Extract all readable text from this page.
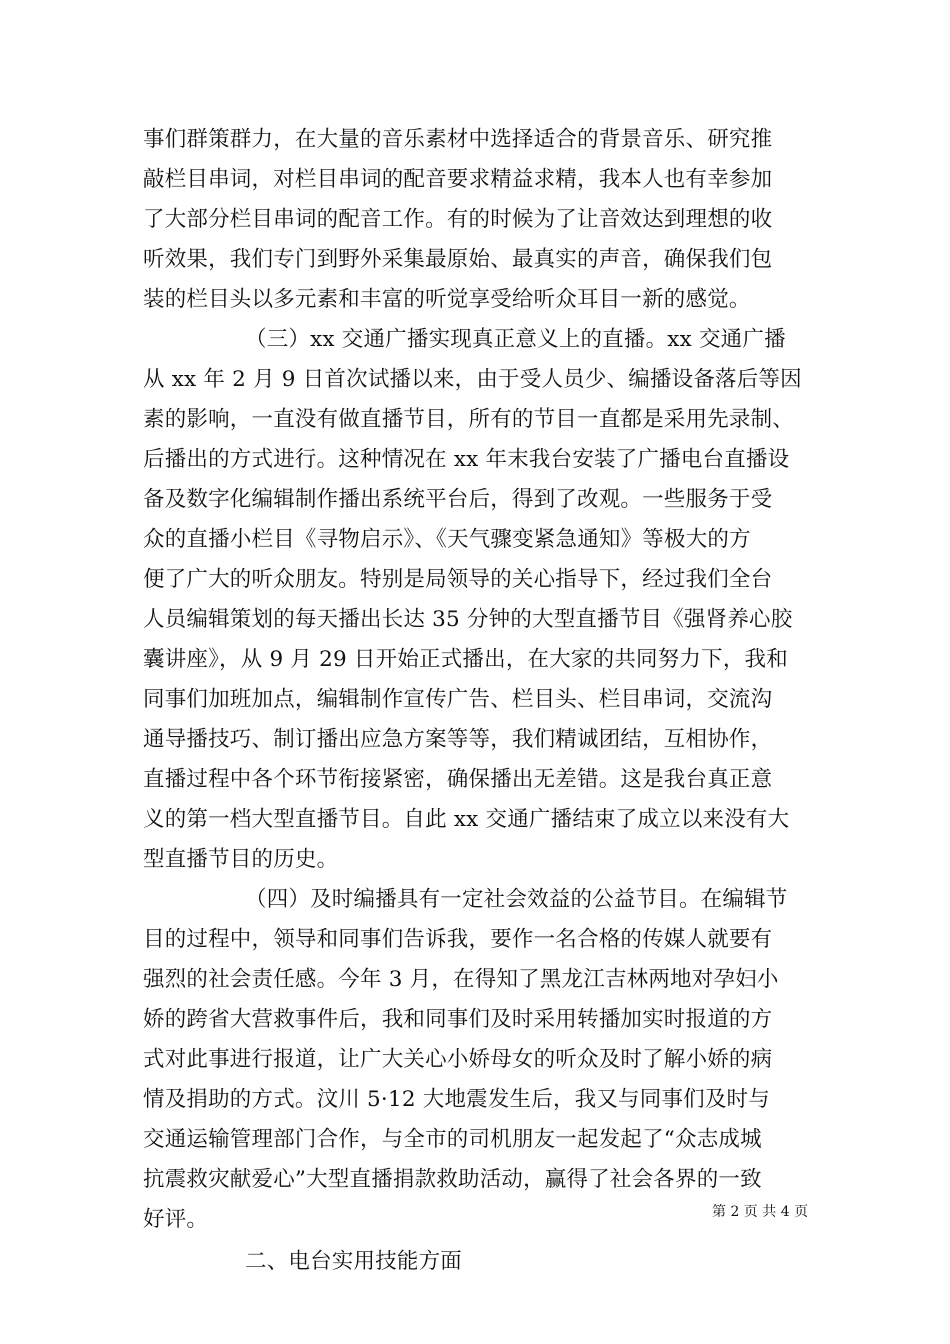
事们群策群力，在大量的音乐素材中选择适合的背景音乐、研究推
敲栏目串词，对栏目串词的配音要求精益求精，我本人也有幸参加
了大部分栏目串词的配音工作。有的时候为了让音效达到理想的收
听效果，我们专门到野外采集最原始、最真实的声音，确保我们包
装的栏目头以多元素和丰富的听觉享受给听众耳目一新的感觉。
（三）xx 交通广播实现真正意义上的直播。xx 交通广播
从 xx 年 2 月 9 日首次试播以来，由于受人员少、编播设备落后等因
素的影响，一直没有做直播节目，所有的节目一直都是采用先录制、
后播出的方式进行。这种情况在 xx 年末我台安装了广播电台直播设
备及数字化编辑制作播出系统平台后，得到了改观。一些服务于受
众的直播小栏目《寻物启示》、《天气骤变紧急通知》等极大的方
便了广大的听众朋友。特别是局领导的关心指导下，经过我们全台
人员编辑策划的每天播出长达 35 分钟的大型直播节目《强肾养心胶
囊讲座》，从 9 月 29 日开始正式播出，在大家的共同努力下，我和
同事们加班加点，编辑制作宣传广告、栏目头、栏目串词，交流沟
通导播技巧、制订播出应急方案等等，我们精诚团结，互相协作，
直播过程中各个环节衔接紧密，确保播出无差错。这是我台真正意
义的第一档大型直播节目。自此 xx 交通广播结束了成立以来没有大
型直播节目的历史。
（四）及时编播具有一定社会效益的公益节目。在编辑节
目的过程中，领导和同事们告诉我，要作一名合格的传媒人就要有
强烈的社会责任感。今年 3 月，在得知了黑龙江吉林两地对孕妇小
娇的跨省大营救事件后，我和同事们及时采用转播加实时报道的方
式对此事进行报道，让广大关心小娇母女的听众及时了解小娇的病
情及捐助的方式。汶川 5·12 大地震发生后，我又与同事们及时与
交通运输管理部门合作，与全市的司机朋友一起发起了“众志成城
抗震救灾献爱心”大型直播捐款救助活动，赢得了社会各界的一致
好评。
二、电台实用技能方面
第 2 页 共 4 页
